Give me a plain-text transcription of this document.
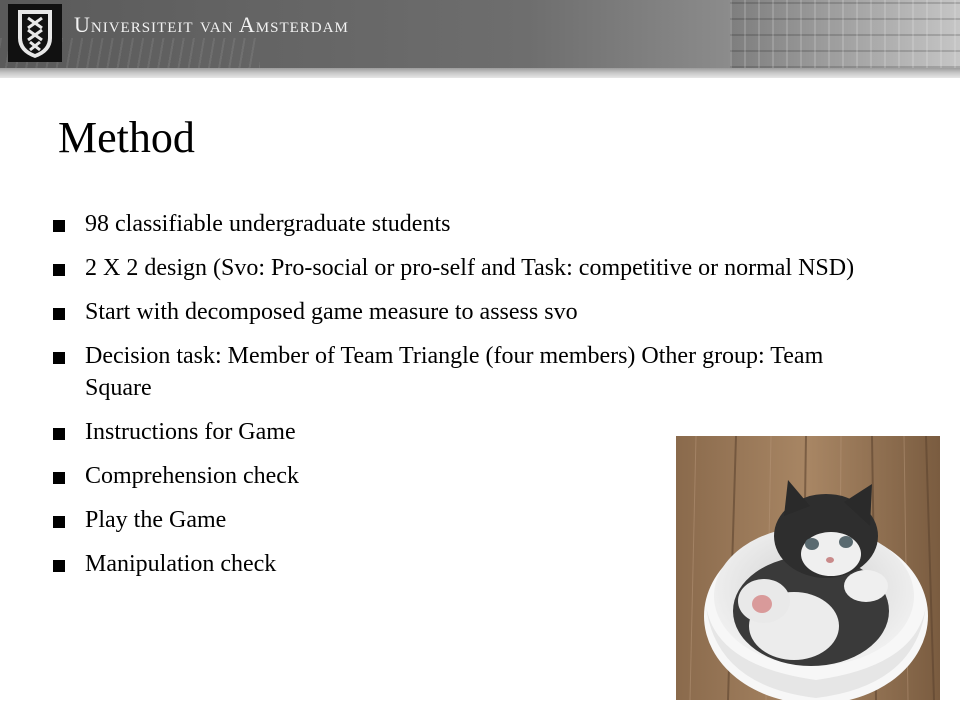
Universiteit van Amsterdam
Method
98 classifiable undergraduate students
2 X 2 design (Svo: Pro-social or pro-self and Task: competitive or normal NSD)
Start with decomposed game measure to assess svo
Decision task: Member of Team Triangle (four members) Other group: Team Square
Instructions for Game
Comprehension check
Play the Game
Manipulation check
